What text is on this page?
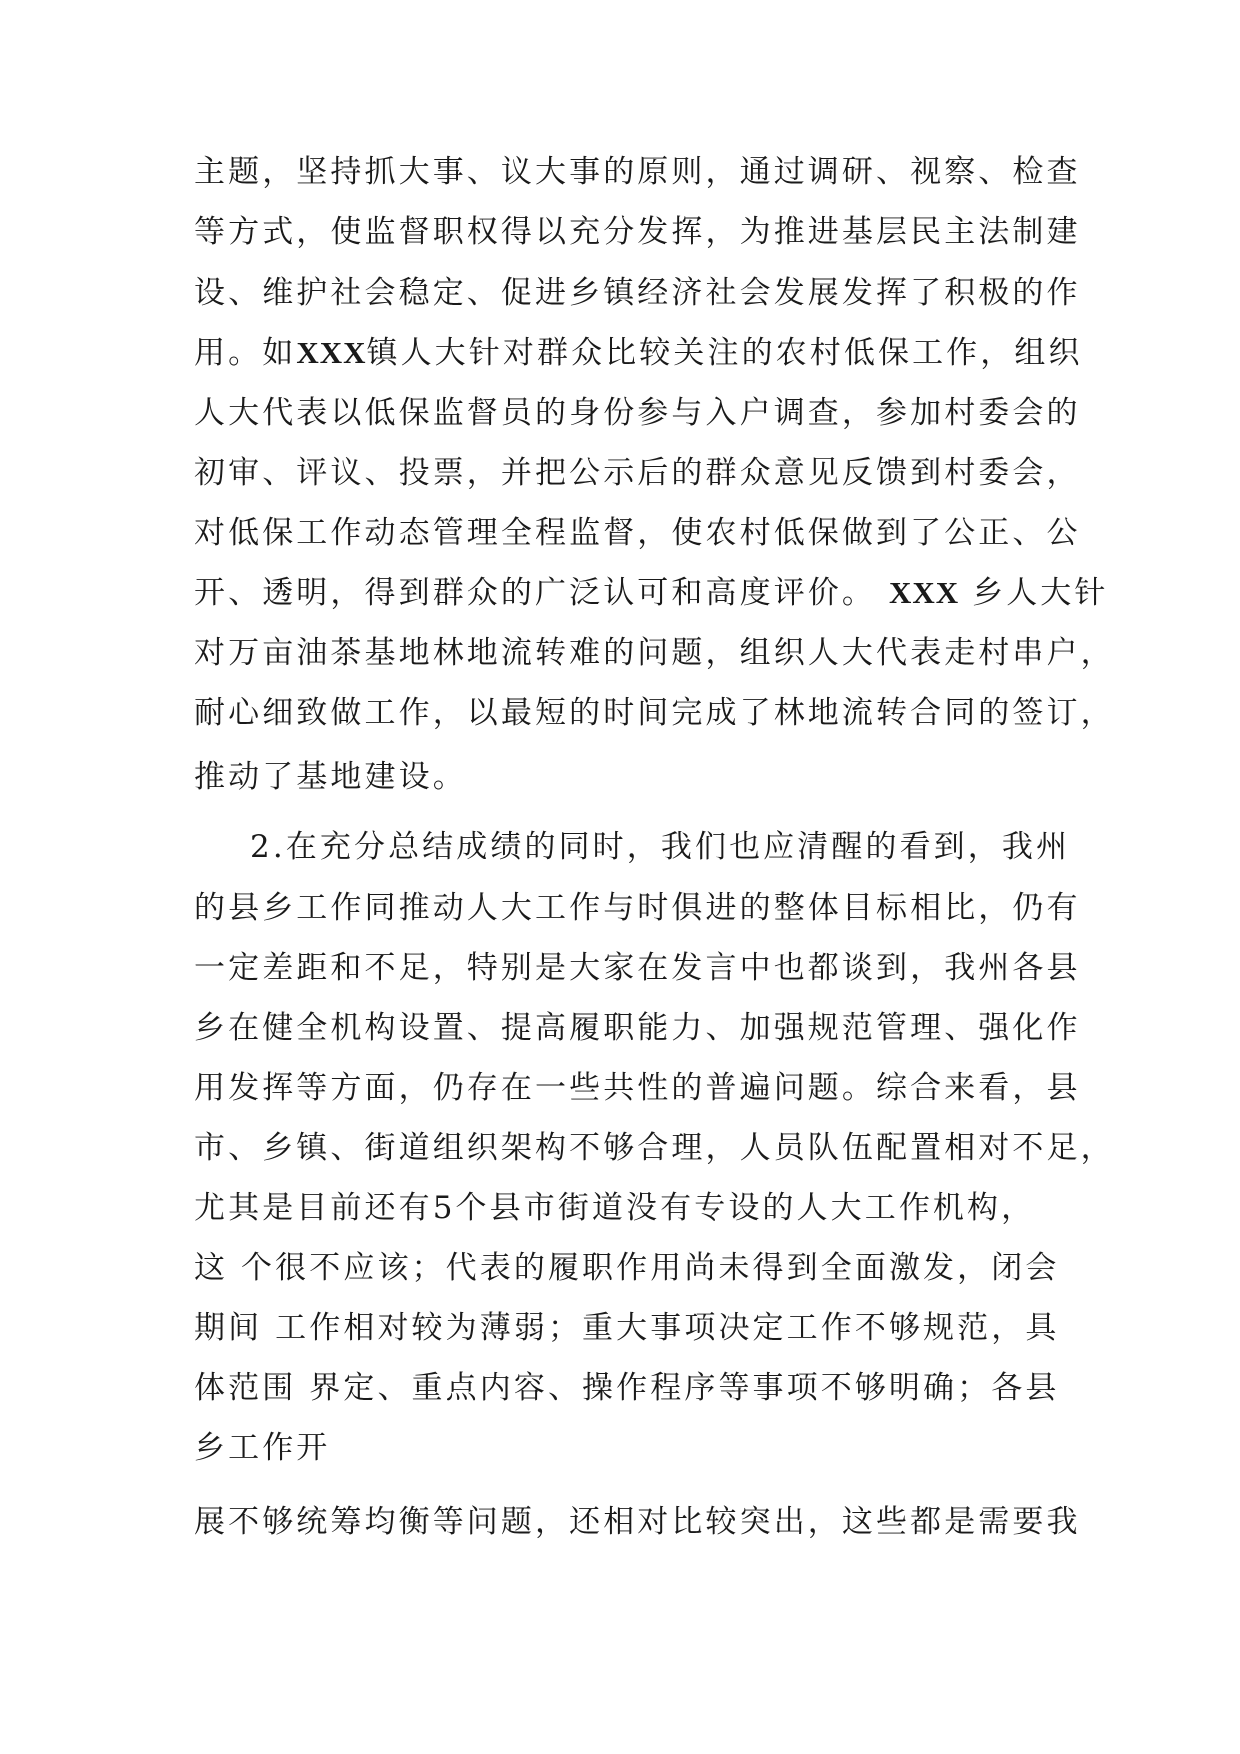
主题，坚持抓大事、议大事的原则，通过调研、视察、检查
等方式，使监督职权得以充分发挥，为推进基层民主法制建
设、维护社会稳定、促进乡镇经济社会发展发挥了积极的作
用。如XXX镇人大针对群众比较关注的农村低保工作，组织
人大代表以低保监督员的身份参与入户调查，参加村委会的
初审、评议、投票，并把公示后的群众意见反馈到村委会，
对低保工作动态管理全程监督，使农村低保做到了公正、公
开、透明，得到群众的广泛认可和高度评价。 XXX 乡人大针
对万亩油茶基地林地流转难的问题，组织人大代表走村串户，
耐心细致做工作，以最短的时间完成了林地流转合同的签订，
推动了基地建设。
2.在充分总结成绩的同时，我们也应清醒的看到，我州
的县乡工作同推动人大工作与时俱进的整体目标相比，仍有
一定差距和不足，特别是大家在发言中也都谈到，我州各县
乡在健全机构设置、提高履职能力、加强规范管理、强化作
用发挥等方面，仍存在一些共性的普遍问题。综合来看，县
市、乡镇、街道组织架构不够合理，人员队伍配置相对不足，
尤其是目前还有5个县市街道没有专设的人大工作机构，
这 个很不应该；代表的履职作用尚未得到全面激发，闭会
期间 工作相对较为薄弱；重大事项决定工作不够规范，具
体范围 界定、重点内容、操作程序等事项不够明确；各县
乡工作开
展不够统筹均衡等问题，还相对比较突出，这些都是需要我
